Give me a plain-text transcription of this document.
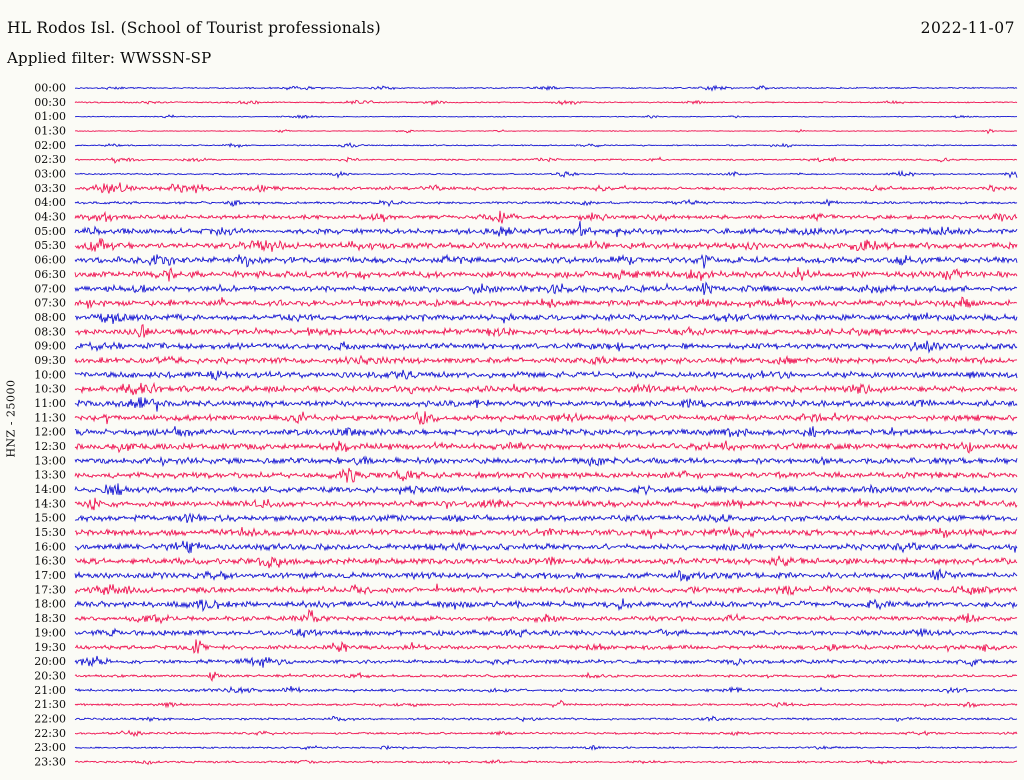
HL Rodos Isl. (School of Tourist professionals)	2022-11-07
Applied filter: WWSSN-SP
HNZ - 25000
00:00
00:30
01:00
01:30
02:00
02:30
03:00
03:30
04:00
04:30
05:00
05:30
06:00
06:30
07:00
07:30
08:00
08:30
09:00
09:30
10:00
10:30
11:00
11:30
12:00
12:30
13:00
13:30
14:00
14:30
15:00
15:30
16:00
16:30
17:00
17:30
18:00
18:30
19:00
19:30
20:00
20:30
21:00
21:30
22:00
22:30
23:00
23:30
